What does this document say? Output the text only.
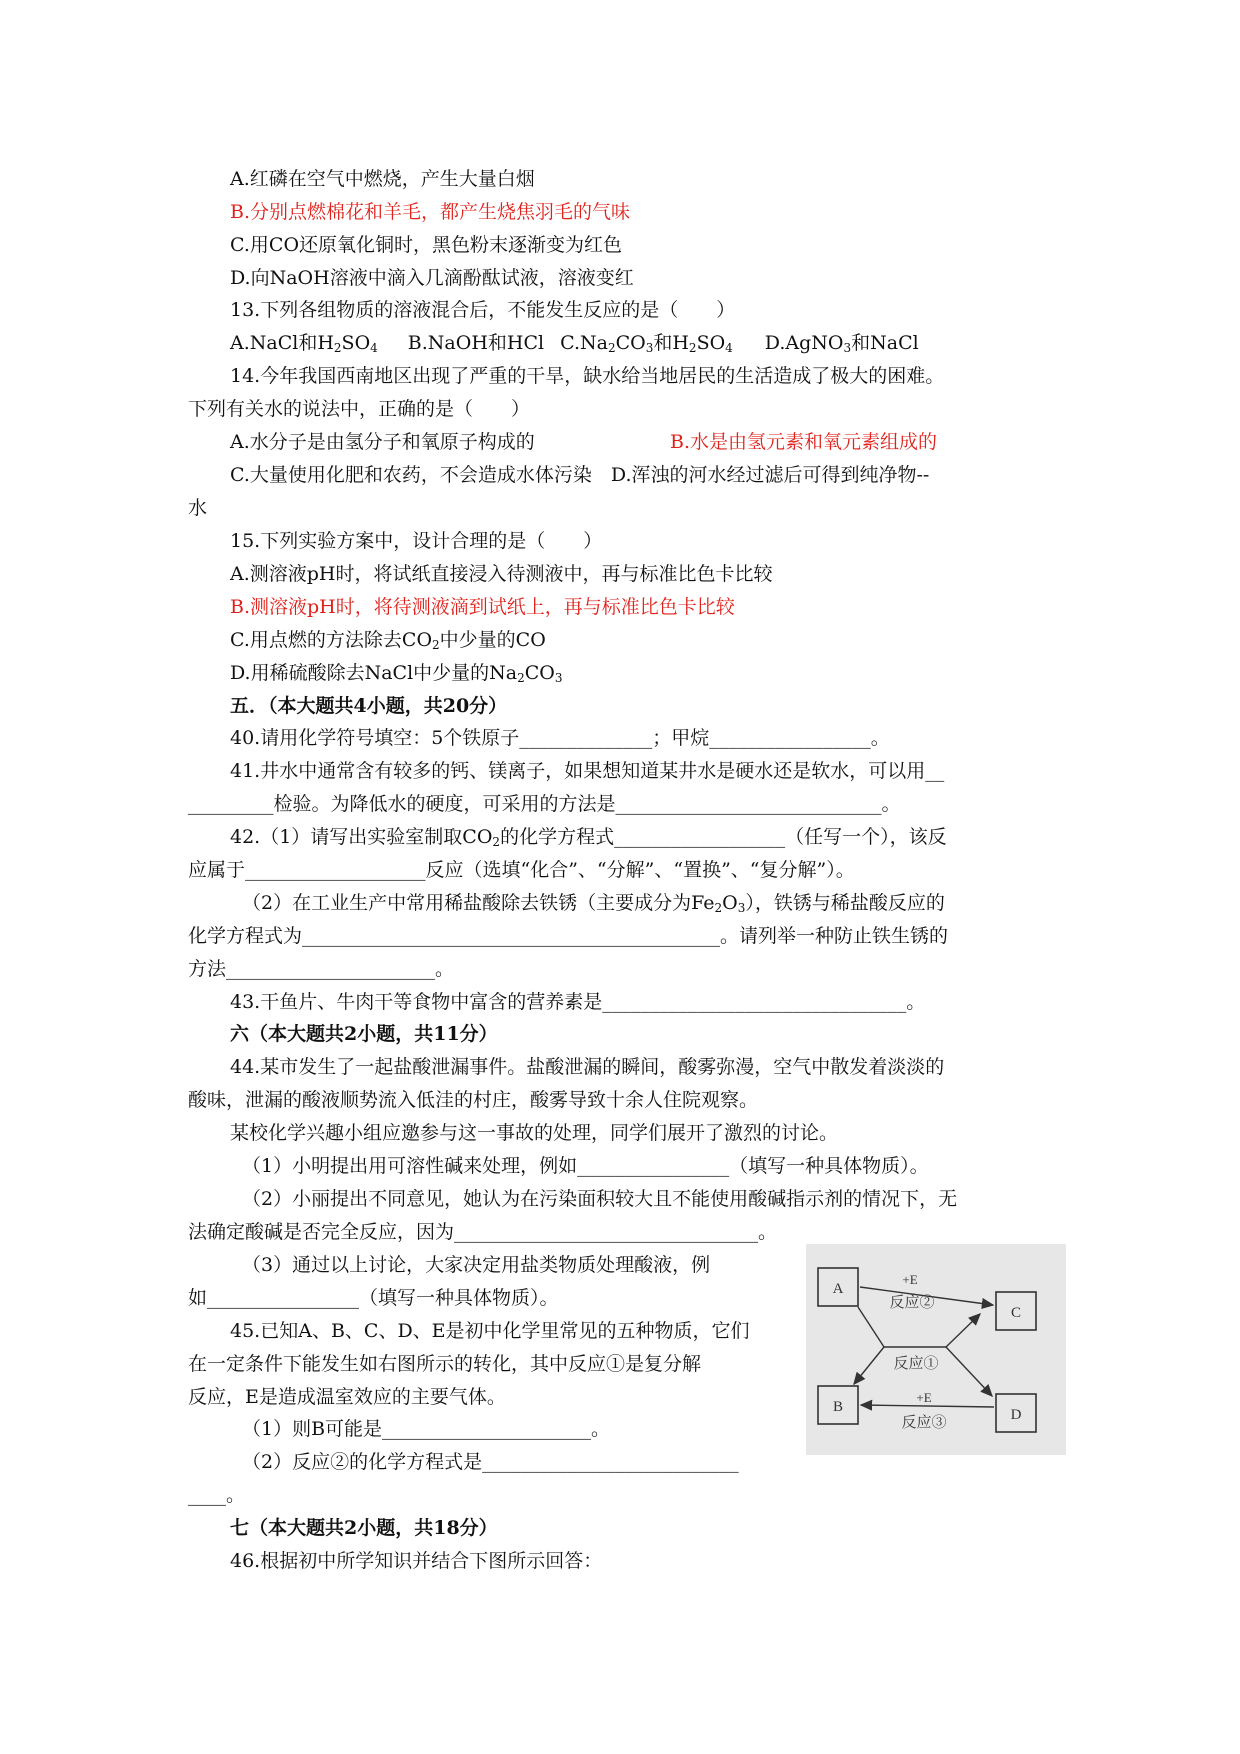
A.红磷在空气中燃烧，产生大量白烟
B.分别点燃棉花和羊毛，都产生烧焦羽毛的气味
C.用CO还原氧化铜时，黑色粉末逐渐变为红色
D.向NaOH溶液中滴入几滴酚酞试液，溶液变红
13.下列各组物质的溶液混合后，不能发生反应的是（　　）
A.NaCl和$H_2SO_4$ B.NaOH和HCl $C.Na_2CO_3$和$H_2SO_4$ D.AgNO$_3$和NaCl
14.今年我国西南地区出现了严重的干旱，缺水给当地居民的生活造成了极大的困难。
下列有关水的说法中，正确的是（　　）
A.水分子是由氢分子和氧原子构成的	B.水是由氢元素和氧元素组成的
C.大量使用化肥和农药，不会造成水体污染　D.浑浊的河水经过滤后可得到纯净物--
水
15.下列实验方案中，设计合理的是（　　）
A.测溶液pH时，将试纸直接浸入待测液中，再与标准比色卡比较
B.测溶液pH时，将待测液滴到试纸上，再与标准比色卡比较
C.用点燃的方法除去$CO_2$中少量的CO
D.用稀硫酸除去NaCl中少量的$Na_2CO_3$
五．（本大题共4小题，共20分）
40.请用化学符号填空：5个铁原子______________；甲烷_________________。
41.井水中通常含有较多的钙、镁离子，如果想知道某井水是硬水还是软水，可以用__
_________检验。为降低水的硬度，可采用的方法是____________________________。
42.（1）请写出实验室制取$CO_2$的化学方程式__________________（任写一个），该反
应属于___________________反应（选填“化合”、“分解”、“置换”、“复分解”）。
（2）在工业生产中常用稀盐酸除去铁锈（主要成分为$Fe_2O_3$），铁锈与稀盐酸反应的
化学方程式为____________________________________________。请列举一种防止铁生锈的
方法______________________。
43.干鱼片、牛肉干等食物中富含的营养素是________________________________。
六（本大题共2小题，共11分）
44.某市发生了一起盐酸泄漏事件。盐酸泄漏的瞬间，酸雾弥漫，空气中散发着淡淡的
酸味，泄漏的酸液顺势流入低洼的村庄，酸雾导致十余人住院观察。
某校化学兴趣小组应邀参与这一事故的处理，同学们展开了激烈的讨论。
（1）小明提出用可溶性碱来处理，例如________________（填写一种具体物质）。
（2）小丽提出不同意见，她认为在污染面积较大且不能使用酸碱指示剂的情况下，无
法确定酸碱是否完全反应，因为________________________________。
（3）通过以上讨论，大家决定用盐类物质处理酸液，例
如________________（填写一种具体物质）。
45.已知A、B、C、D、E是初中化学里常见的五种物质，它们
在一定条件下能发生如右图所示的转化，其中反应①是复分解
反应，E是造成温室效应的主要气体。
（1）则B可能是______________________。
（2）反应②的化学方程式是___________________________
____。
七（本大题共2小题，共18分）
46.根据初中所学知识并结合下图所示回答：
A
C
B	D
+E
反应②
反应①
+E
反应③
